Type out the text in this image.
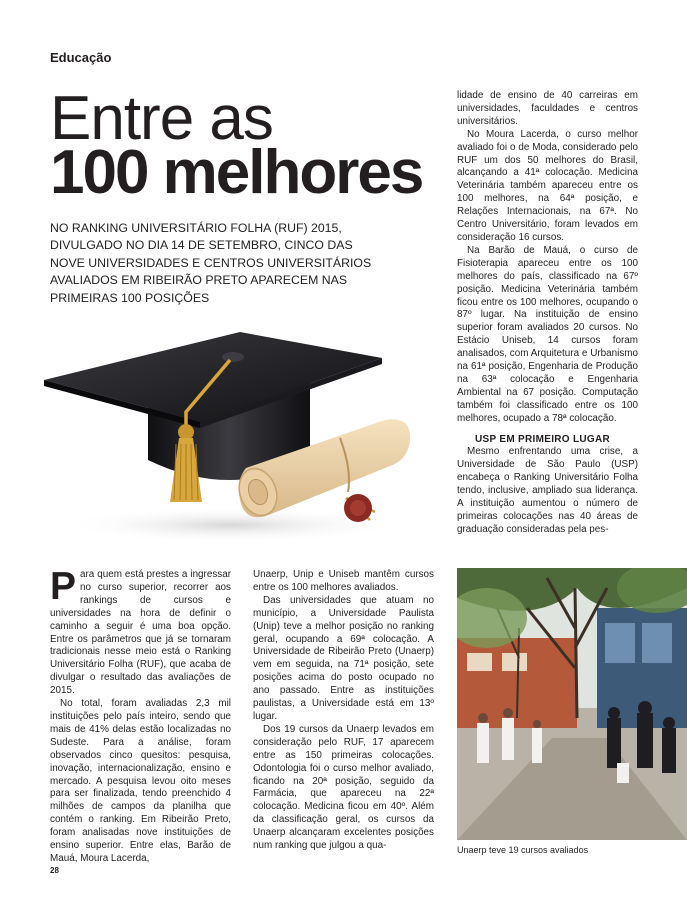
Educação
Entre as
100 melhores
NO RANKING UNIVERSITÁRIO FOLHA (RUF) 2015, DIVULGADO NO DIA 14 DE SETEMBRO, CINCO DAS NOVE UNIVERSIDADES E CENTROS UNIVERSITÁRIOS AVALIADOS EM RIBEIRÃO PRETO APARECEM NAS PRIMEIRAS 100 POSIÇÕES

lidade de ensino de 40 carreiras em universidades, faculdades e centros universitários.

No Moura Lacerda, o curso melhor avaliado foi o de Moda, considerado pelo RUF um dos 50 melhores do Brasil, alcançando a 41ª colocação. Medicina Veterinária também apareceu entre os 100 melhores, na 64ª posição, e Relações Internacionais, na 67ª. No Centro Universitário, foram levados em consideração 16 cursos.

Na Barão de Mauá, o curso de Fisioterapia apareceu entre os 100 melhores do país, classificado na 67º posição. Medicina Veterinária também ficou entre os 100 melhores, ocupando o 87º lugar. Na instituição de ensino superior foram avaliados 20 cursos. No Estácio Uniseb, 14 cursos foram analisados, com Arquitetura e Urbanismo na 61ª posição, Engenharia de Produção na 63ª colocação e Engenharia Ambiental na 67 posição. Computação também foi classificado entre os 100 melhores, ocupado a 78ª colocação.

USP EM PRIMEIRO LUGAR

Mesmo enfrentando uma crise, a Universidade de São Paulo (USP) encabeça o Ranking Universitário Folha tendo, inclusive, ampliado sua liderança. A instituição aumentou o número de primeiras colocações nas 40 áreas de graduação consideradas pela pes-

Para quem está prestes a ingressar no curso superior, recorrer aos rankings de cursos e universidades na hora de definir o caminho a seguir é uma boa opção. Entre os parâmetros que já se tornaram tradicionais nesse meio está o Ranking Universitário Folha (RUF), que acaba de divulgar o resultado das avaliações de 2015.

No total, foram avaliadas 2,3 mil instituições pelo país inteiro, sendo que mais de 41% delas estão localizadas no Sudeste. Para a análise, foram observados cinco quesitos: pesquisa, inovação, internacionalização, ensino e mercado. A pesquisa levou oito meses para ser finalizada, tendo preenchido 4 milhões de campos da planilha que contém o ranking. Em Ribeirão Preto, foram analisadas nove instituições de ensino superior. Entre elas, Barão de Mauá, Moura Lacerda,

Unaerp, Unip e Uniseb mantêm cursos entre os 100 melhores avaliados.

Das universidades que atuam no município, a Universidade Paulista (Unip) teve a melhor posição no ranking geral, ocupando a 69ª colocação. A Universidade de Ribeirão Preto (Unaerp) vem em seguida, na 71ª posição, sete posições acima do posto ocupado no ano passado. Entre as instituições paulistas, a Universidade está em 13º lugar.

Dos 19 cursos da Unaerp levados em consideração pelo RUF, 17 aparecem entre as 150 primeiras colocações. Odontologia foi o curso melhor avaliado, ficando na 20ª posição, seguido da Farmácia, que apareceu na 22ª colocação. Medicina ficou em 40º. Além da classificação geral, os cursos da Unaerp alcançaram excelentes posições num ranking que julgou a qua-	Unaerp teve 19 cursos avaliados
28
